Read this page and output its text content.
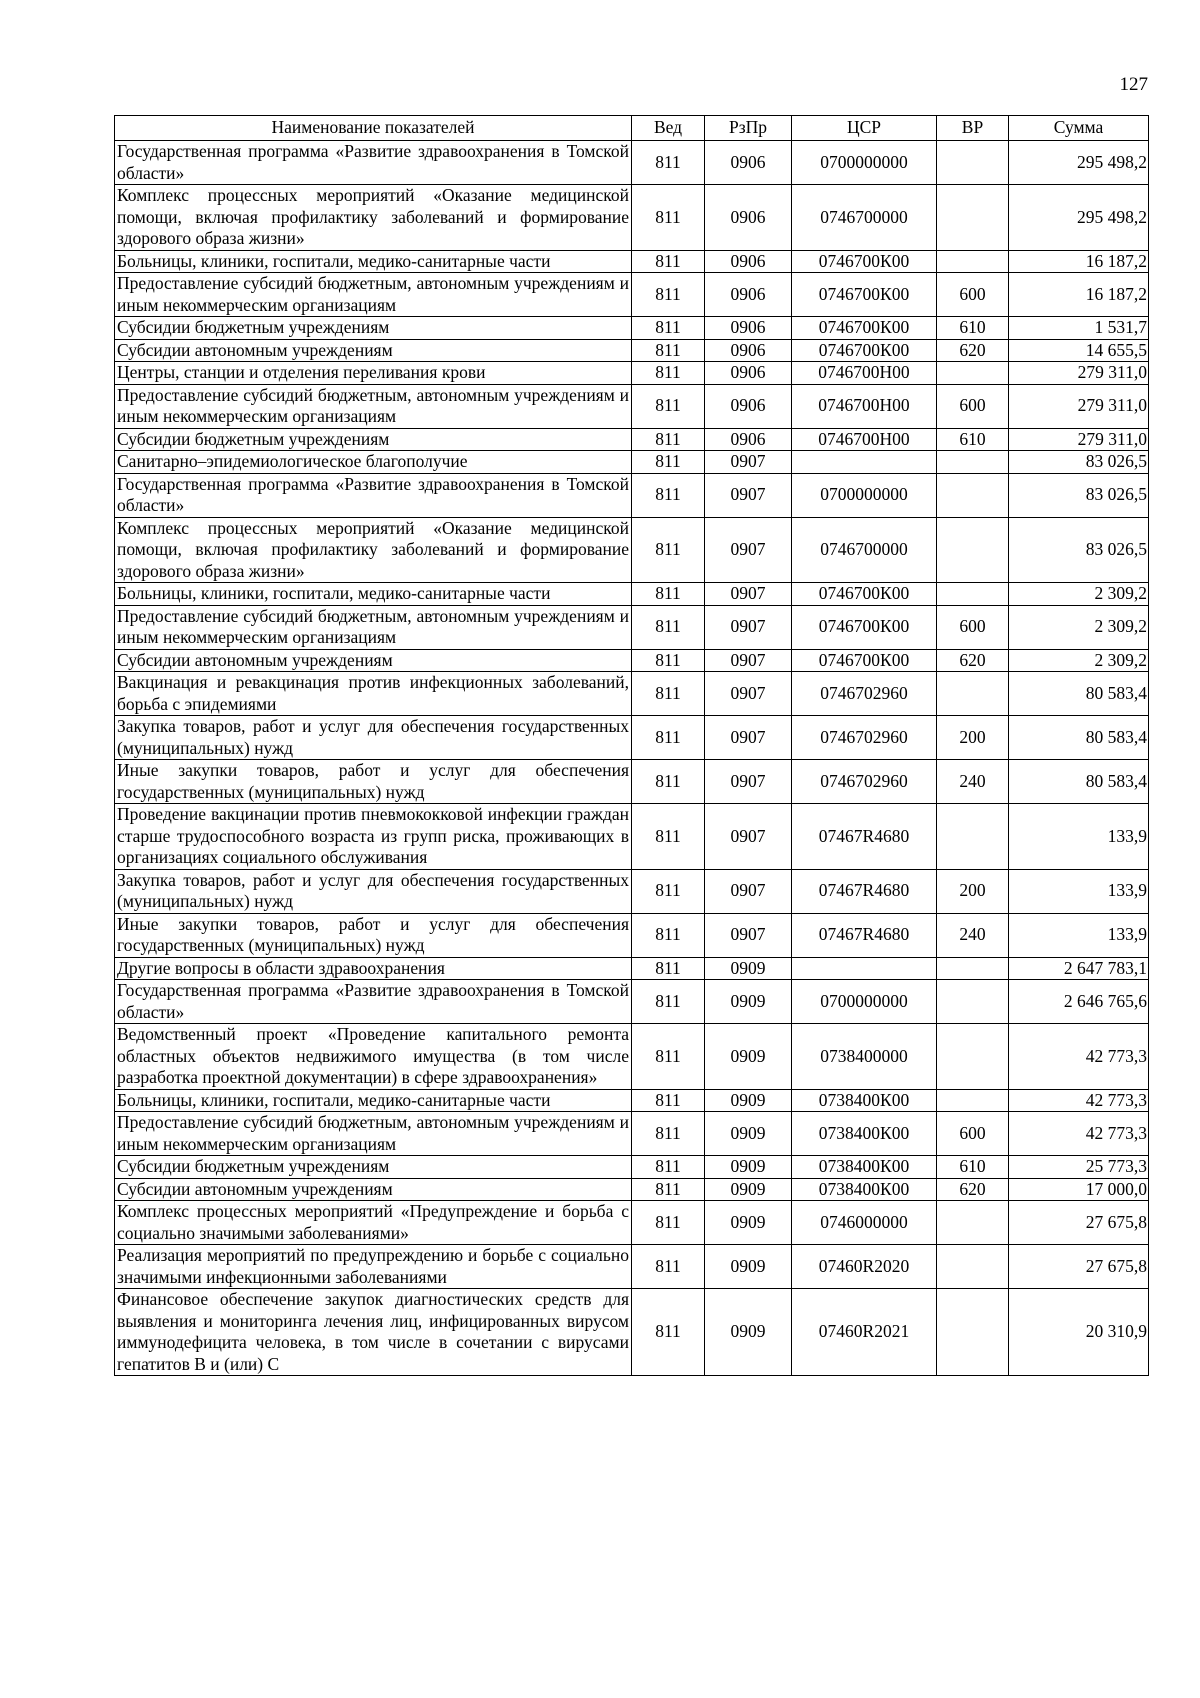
127
Наименование показателей	Вед	РзПр	ЦСР	ВР	Сумма
Государственная программа «Развитие здравоохранения в Томской области»	811	0906	0700000000		295 498,2
Комплекс процессных мероприятий «Оказание медицинской помощи, включая профилактику заболеваний и формирование здорового образа жизни»	811	0906	0746700000		295 498,2
Больницы, клиники, госпитали, медико-санитарные части	811	0906	0746700К00		16 187,2
Предоставление субсидий бюджетным, автономным учреждениям и иным некоммерческим организациям	811	0906	0746700К00	600	16 187,2
Субсидии бюджетным учреждениям	811	0906	0746700К00	610	1 531,7
Субсидии автономным учреждениям	811	0906	0746700К00	620	14 655,5
Центры, станции и отделения переливания крови	811	0906	0746700Н00		279 311,0
Предоставление субсидий бюджетным, автономным учреждениям и иным некоммерческим организациям	811	0906	0746700Н00	600	279 311,0
Субсидии бюджетным учреждениям	811	0906	0746700Н00	610	279 311,0
Санитарно–эпидемиологическое благополучие	811	0907			83 026,5
Государственная программа «Развитие здравоохранения в Томской области»	811	0907	0700000000		83 026,5
Комплекс процессных мероприятий «Оказание медицинской помощи, включая профилактику заболеваний и формирование здорового образа жизни»	811	0907	0746700000		83 026,5
Больницы, клиники, госпитали, медико-санитарные части	811	0907	0746700К00		2 309,2
Предоставление субсидий бюджетным, автономным учреждениям и иным некоммерческим организациям	811	0907	0746700К00	600	2 309,2
Субсидии автономным учреждениям	811	0907	0746700К00	620	2 309,2
Вакцинация и ревакцинация против инфекционных заболеваний, борьба с эпидемиями	811	0907	0746702960		80 583,4
Закупка товаров, работ и услуг для обеспечения государственных (муниципальных) нужд	811	0907	0746702960	200	80 583,4
Иные закупки товаров, работ и услуг для обеспечения государственных (муниципальных) нужд	811	0907	0746702960	240	80 583,4
Проведение вакцинации против пневмококковой инфекции граждан старше трудоспособного возраста из групп риска, проживающих в организациях социального обслуживания	811	0907	07467R4680		133,9
Закупка товаров, работ и услуг для обеспечения государственных (муниципальных) нужд	811	0907	07467R4680	200	133,9
Иные закупки товаров, работ и услуг для обеспечения государственных (муниципальных) нужд	811	0907	07467R4680	240	133,9
Другие вопросы в области здравоохранения	811	0909			2 647 783,1
Государственная программа «Развитие здравоохранения в Томской области»	811	0909	0700000000		2 646 765,6
Ведомственный проект «Проведение капитального ремонта областных объектов недвижимого имущества (в том числе разработка проектной документации) в сфере здравоохранения»	811	0909	0738400000		42 773,3
Больницы, клиники, госпитали, медико-санитарные части	811	0909	0738400К00		42 773,3
Предоставление субсидий бюджетным, автономным учреждениям и иным некоммерческим организациям	811	0909	0738400К00	600	42 773,3
Субсидии бюджетным учреждениям	811	0909	0738400К00	610	25 773,3
Субсидии автономным учреждениям	811	0909	0738400К00	620	17 000,0
Комплекс процессных мероприятий «Предупреждение и борьба с социально значимыми заболеваниями»	811	0909	0746000000		27 675,8
Реализация мероприятий по предупреждению и борьбе с социально значимыми инфекционными заболеваниями	811	0909	07460R2020		27 675,8
Финансовое обеспечение закупок диагностических средств для выявления и мониторинга лечения лиц, инфицированных вирусом иммунодефицита человека, в том числе в сочетании с вирусами гепатитов В и (или) С	811	0909	07460R2021		20 310,9
